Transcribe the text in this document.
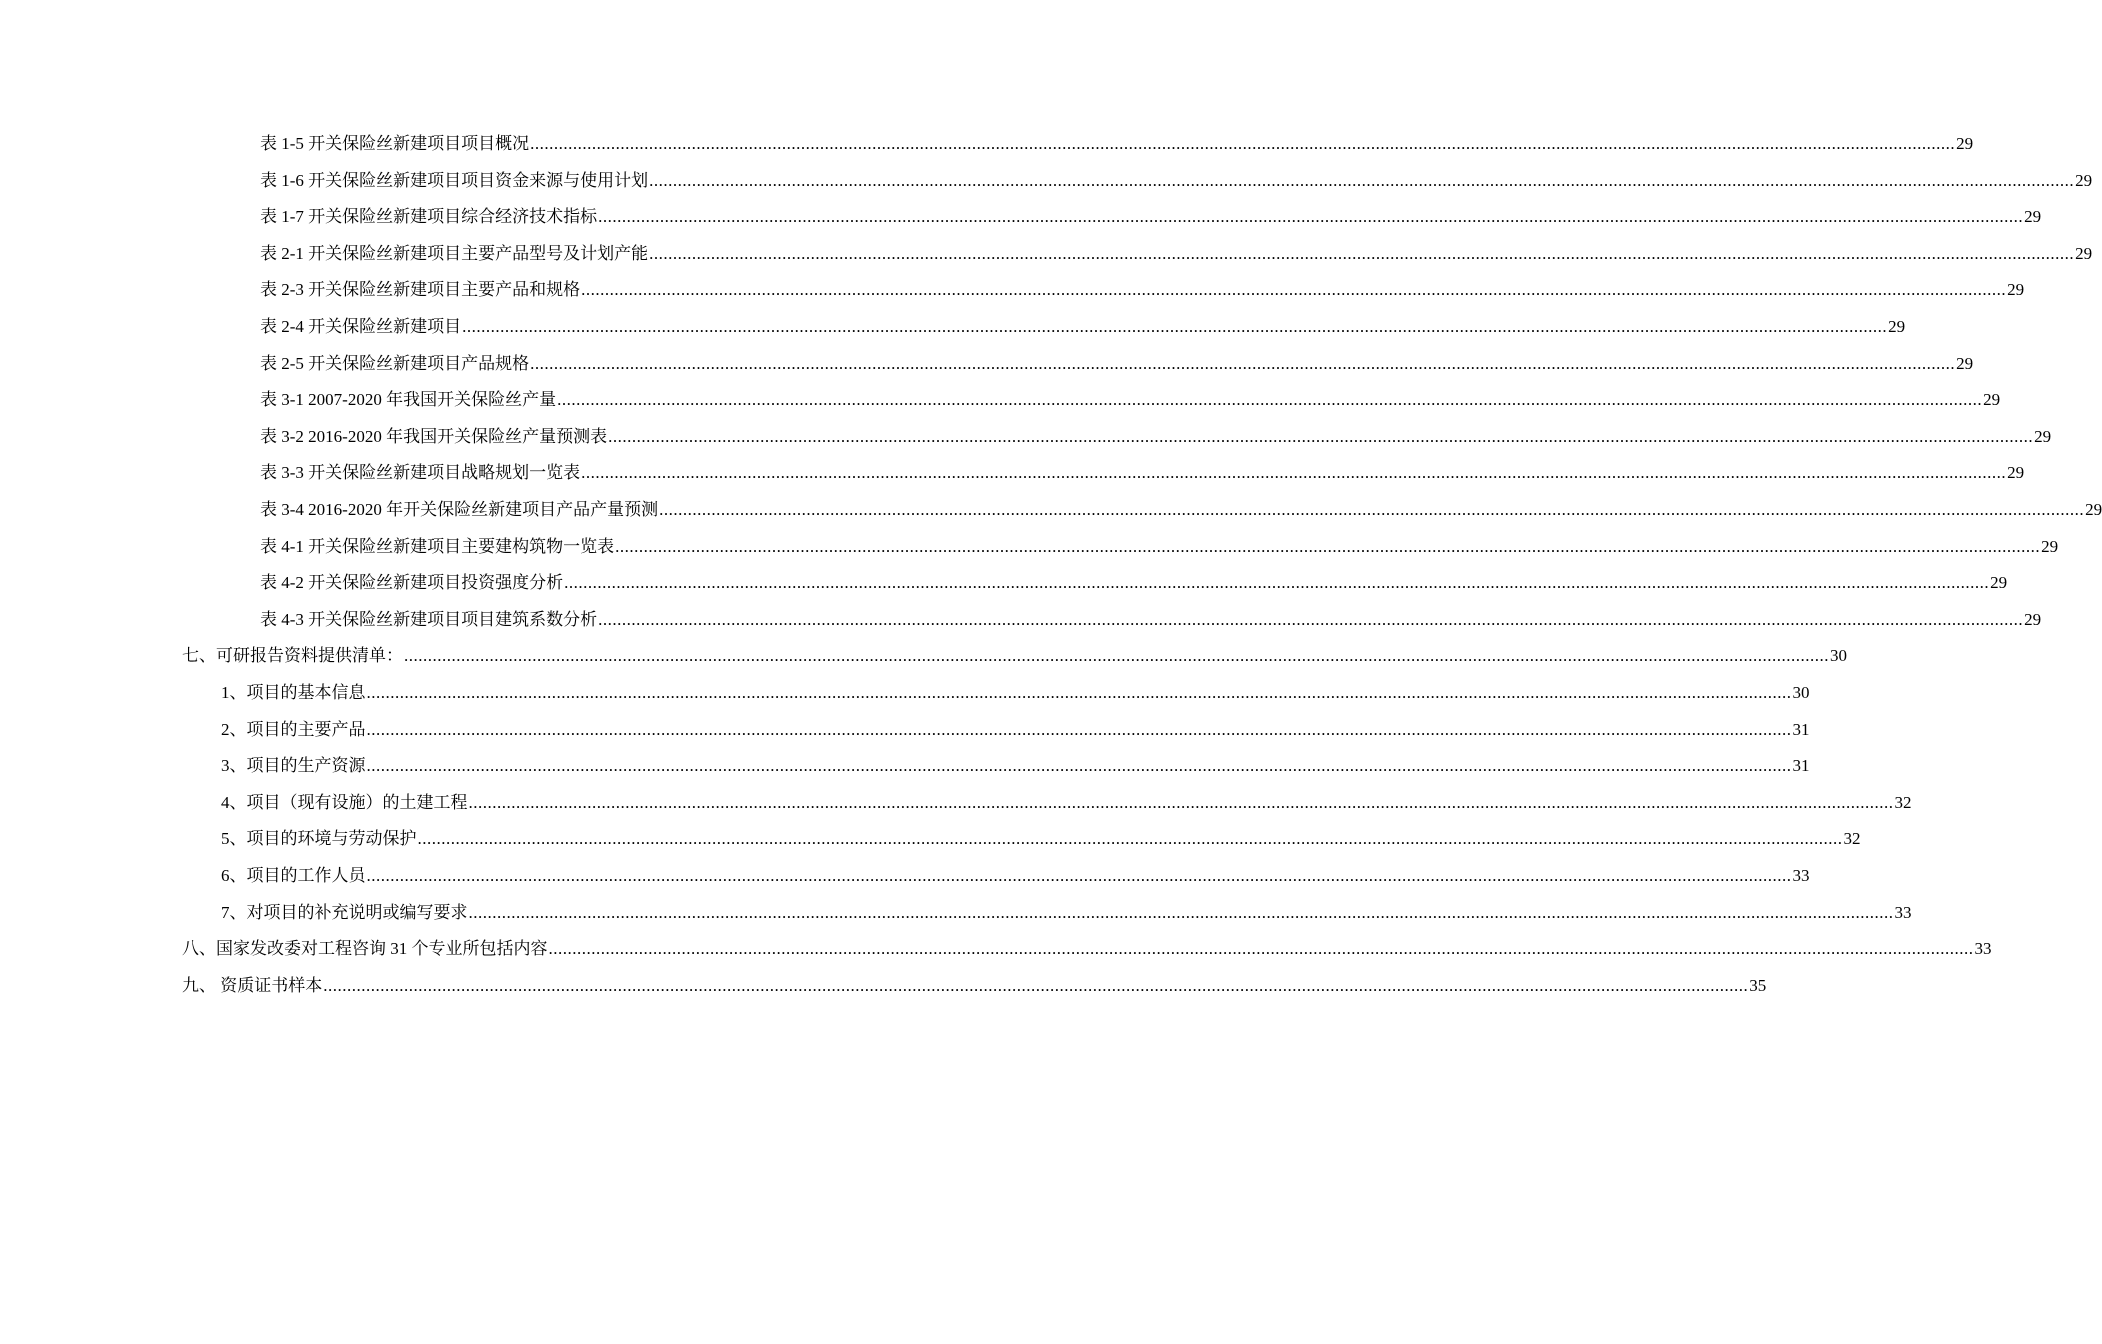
表 1-5 开关保险丝新建项目项目概况 ............................................................................................................................................................................................................................................................................................................ 29
表 1-6 开关保险丝新建项目项目资金来源与使用计划 ............................................................................................................................................................................................................................................................................................................ 29
表 1-7 开关保险丝新建项目综合经济技术指标 ............................................................................................................................................................................................................................................................................................................ 29
表 2-1 开关保险丝新建项目主要产品型号及计划产能 ............................................................................................................................................................................................................................................................................................................ 29
表 2-3 开关保险丝新建项目主要产品和规格 ............................................................................................................................................................................................................................................................................................................ 29
表 2-4 开关保险丝新建项目 ............................................................................................................................................................................................................................................................................................................ 29
表 2-5 开关保险丝新建项目产品规格 ............................................................................................................................................................................................................................................................................................................ 29
表 3-1 2007-2020 年我国开关保险丝产量 ............................................................................................................................................................................................................................................................................................................ 29
表 3-2 2016-2020 年我国开关保险丝产量预测表 ............................................................................................................................................................................................................................................................................................................ 29
表 3-3 开关保险丝新建项目战略规划一览表 ............................................................................................................................................................................................................................................................................................................ 29
表 3-4 2016-2020 年开关保险丝新建项目产品产量预测 ............................................................................................................................................................................................................................................................................................................ 29
表 4-1 开关保险丝新建项目主要建构筑物一览表 ............................................................................................................................................................................................................................................................................................................ 29
表 4-2 开关保险丝新建项目投资强度分析 ............................................................................................................................................................................................................................................................................................................ 29
表 4-3 开关保险丝新建项目项目建筑系数分析 ............................................................................................................................................................................................................................................................................................................ 29
七、可研报告资料提供清单： ............................................................................................................................................................................................................................................................................................................ 30
1、项目的基本信息 ............................................................................................................................................................................................................................................................................................................ 30
2、项目的主要产品 ............................................................................................................................................................................................................................................................................................................ 31
3、项目的生产资源 ............................................................................................................................................................................................................................................................................................................ 31
4、项目（现有设施）的土建工程 ............................................................................................................................................................................................................................................................................................................ 32
5、项目的环境与劳动保护 ............................................................................................................................................................................................................................................................................................................ 32
6、项目的工作人员 ............................................................................................................................................................................................................................................................................................................ 33
7、对项目的补充说明或编写要求 ............................................................................................................................................................................................................................................................................................................ 33
八、国家发改委对工程咨询 31 个专业所包括内容 ............................................................................................................................................................................................................................................................................................................ 33
九、 资质证书样本 ............................................................................................................................................................................................................................................................................................................ 35
